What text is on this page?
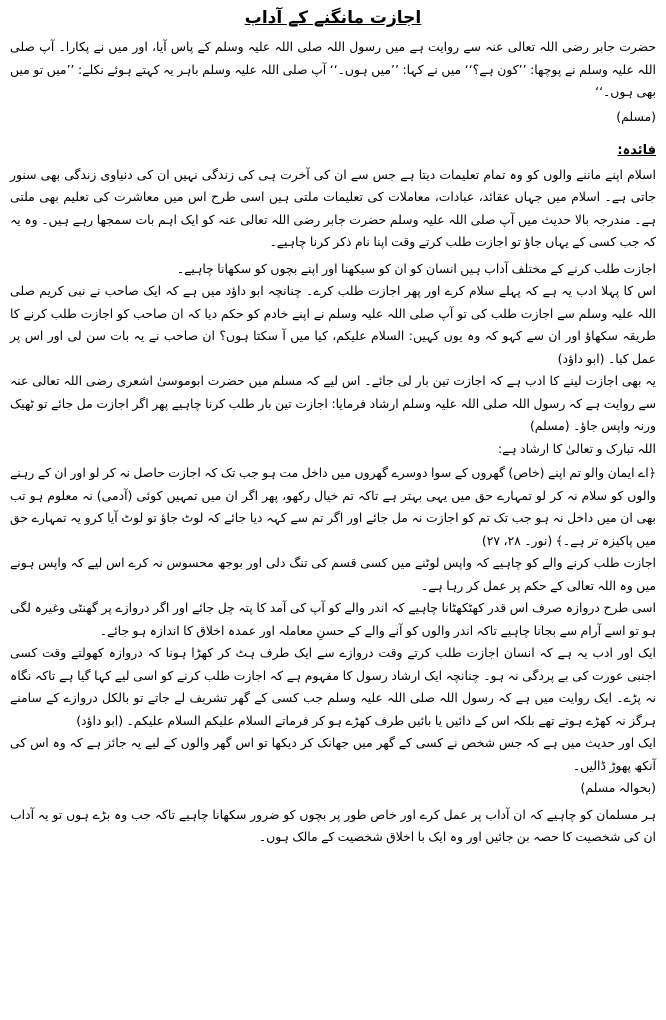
اجازت مانگنے کے آداب

حضرت جابر رضی اللہ تعالی عنہ سے روایت ہے میں رسول اللہ صلی اللہ علیہ وسلم کے پاس آیا، اور میں نے پکارا۔ آپ صلی اللہ علیہ وسلم نے پوچھا: ’’کون ہے؟‘‘ میں نے کہا: ’’میں ہوں۔‘‘ آپ صلی اللہ علیہ وسلم باہر یہ کہتے ہوئے نکلے: ’’میں تو میں بھی ہوں۔‘‘

(مسلم)

فائدہ:

اسلام اپنے ماننے والوں کو وہ تمام تعلیمات دیتا ہے جس سے ان کی آخرت ہی کی زندگی نہیں ان کی دنیاوی زندگی بھی سنور جاتی ہے۔ اسلام میں جہاں عقائد، عبادات، معاملات کی تعلیمات ملتی ہیں اسی طرح اس میں معاشرت کی تعلیم بھی ملتی ہے۔ مندرجہ بالا حدیث میں آپ صلی اللہ علیہ وسلم حضرت جابر رضی اللہ تعالی عنہ کو ایک اہم بات سمجھا رہے ہیں۔ وہ یہ کہ جب کسی کے یہاں جاؤ تو اجازت طلب کرتے وقت اپنا نام ذکر کرنا چاہیے۔

اجازت طلب کرنے کے مختلف آداب ہیں انسان کو ان کو سیکھنا اور اپنے بچوں کو سکھانا چاہیے۔

اس کا پہلا ادب یہ ہے کہ پہلے سلام کرے اور پھر اجازت طلب کرے۔ چنانچہ ابو داؤد میں ہے کہ ایک صاحب نے نبی کریم صلی اللہ علیہ وسلم سے اجازت طلب کی تو آپ صلی اللہ علیہ وسلم نے اپنے خادم کو حکم دیا کہ ان صاحب کو اجازت طلب کرنے کا طریقہ سکھاؤ اور ان سے کہو کہ وہ یوں کہیں: السلام علیکم، کیا میں آ سکتا ہوں؟ ان صاحب نے یہ بات سن لی اور اس پر عمل کیا۔ (ابو داؤد)

یہ بھی اجازت لینے کا ادب ہے کہ اجازت تین بار لی جائے۔ اس لیے کہ مسلم میں حضرت ابوموسیٰ اشعری رضی اللہ تعالی عنہ سے روایت ہے کہ رسول اللہ صلی اللہ علیہ وسلم ارشاد فرمایا: اجازت تین بار طلب کرنا چاہیے پھر اگر اجازت مل جائے تو ٹھیک ورنہ واپس جاؤ۔ (مسلم)

اللہ تبارک و تعالیٰ کا ارشاد ہے:

﴿اے ایمان والو تم اپنے (خاص) گھروں کے سوا دوسرے گھروں میں داخل مت ہو جب تک کہ اجازت حاصل نہ کر لو اور ان کے رہنے والوں کو سلام نہ کر لو تمہارے حق میں یہی بہتر ہے تاکہ تم خیال رکھو، پھر اگر ان میں تمہیں کوئی (آدمی) نہ معلوم ہو تب بھی ان میں داخل نہ ہو جب تک تم کو اجازت نہ مل جائے اور اگر تم سے کہہ دیا جائے کہ لوٹ جاؤ تو لوٹ آیا کرو یہ تمہارے حق میں پاکیزہ تر ہے۔﴾ (نور۔ ۲۸، ۲۷)

اجازت طلب کرنے والے کو چاہیے کہ واپس لوٹنے میں کسی قسم کی تنگ دلی اور بوجھ محسوس نہ کرے اس لیے کہ واپس ہونے میں وہ اللہ تعالی کے حکم پر عمل کر رہا ہے۔

اسی طرح دروازہ صرف اس قدر کھٹکھٹانا چاہیے کہ اندر والے کو آپ کی آمد کا پتہ چل جائے اور اگر دروازے پر گھنٹی وغیرہ لگی ہو تو اسے آرام سے بجانا چاہیے تاکہ اندر والوں کو آنے والے کے حسنِ معاملہ اور عمدہ اخلاق کا اندازہ ہو جائے۔

ایک اور ادب یہ ہے کہ انسان اجازت طلب کرتے وقت دروازے سے ایک طرف ہٹ کر کھڑا ہونا کہ دروازہ کھولتے وقت کسی اجنبی عورت کی بے پردگی نہ ہو۔ چنانچہ ایک ارشاد رسول کا مفہوم ہے کہ اجازت طلب کرنے کو اسی لیے کہا گیا ہے تاکہ نگاہ نہ پڑے۔ ایک روایت میں ہے کہ رسول اللہ صلی اللہ علیہ وسلم جب کسی کے گھر تشریف لے جاتے تو بالکل دروازے کے سامنے ہرگز نہ کھڑے ہوتے تھے بلکہ اس کے دائیں یا بائیں طرف کھڑے ہو کر فرماتے السلام علیکم السلام علیکم۔ (ابو داؤد)

ایک اور حدیث میں ہے کہ جس شخص نے کسی کے گھر میں جھانک کر دیکھا تو اس گھر والوں کے لیے یہ جائز ہے کہ وہ اس کی آنکھ پھوڑ ڈالیں۔

(بحوالہ مسلم)

ہر مسلمان کو چاہیے کہ ان آداب پر عمل کرے اور خاص طور پر بچوں کو ضرور سکھانا چاہیے تاکہ جب وہ بڑے ہوں تو یہ آداب ان کی شخصیت کا حصہ بن جائیں اور وہ ایک با اخلاق شخصیت کے مالک ہوں۔
